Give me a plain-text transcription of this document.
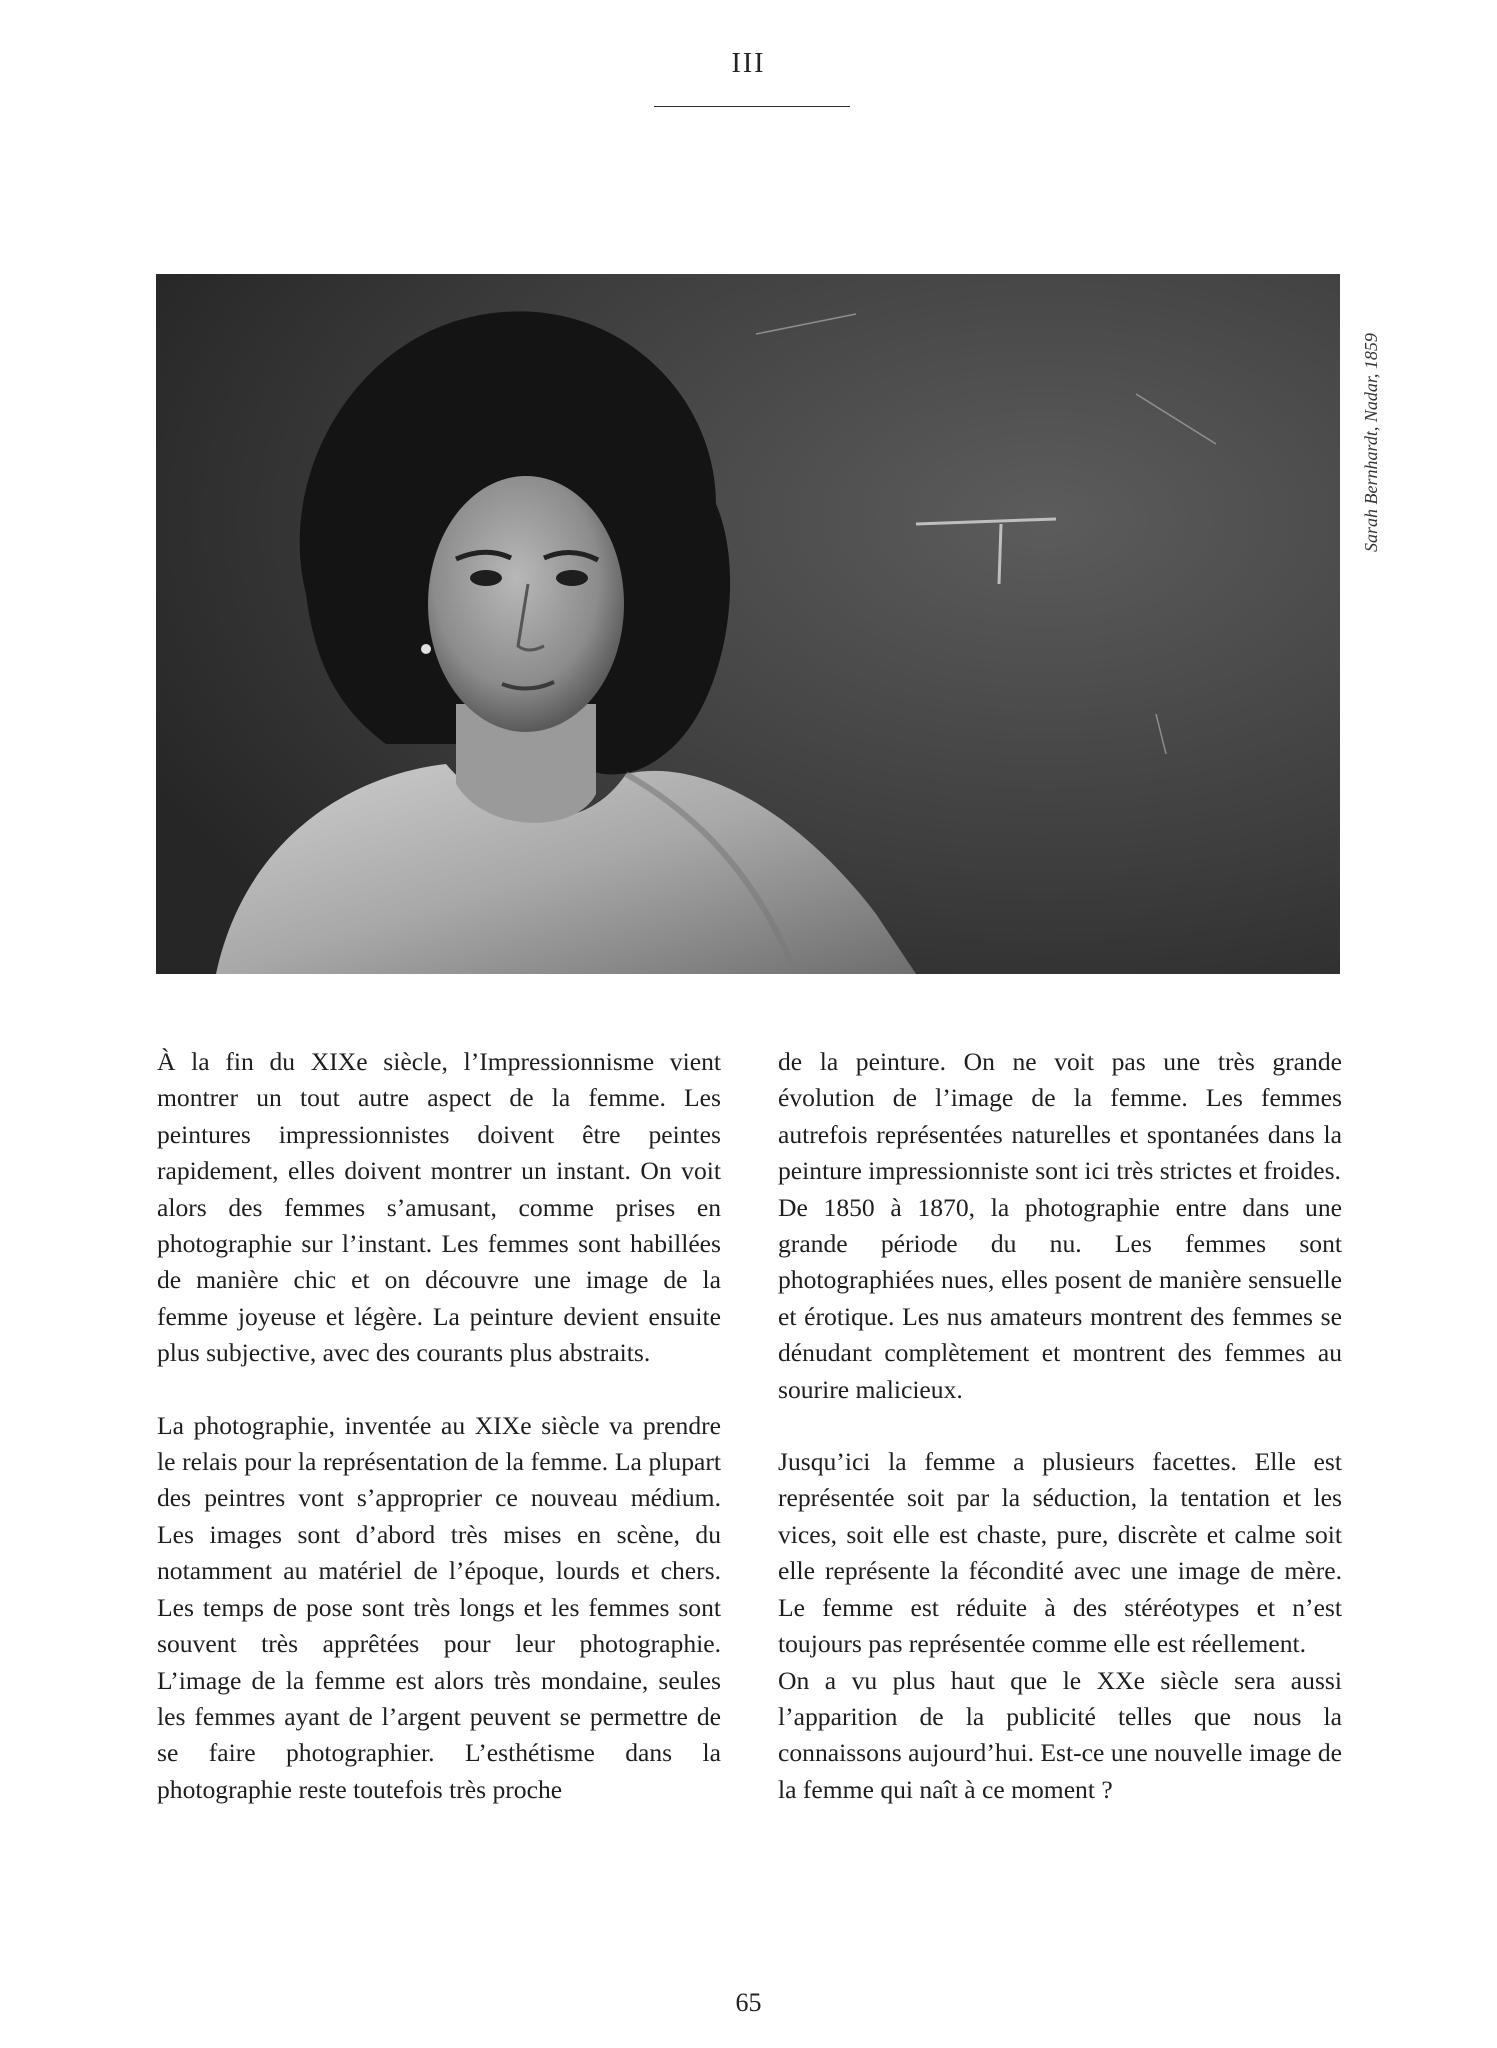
III
Sarah Bernhardt, Nadar, 1859

À la fin du XIXe siècle, l’Impressionnisme vient montrer un tout autre aspect de la femme. Les peintures impressionnistes doivent être peintes rapidement, elles doivent montrer un instant. On voit alors des femmes s’amusant, comme prises en photographie sur l’instant. Les femmes sont habillées de manière chic et on découvre une image de la femme joyeuse et légère. La peinture devient ensuite plus subjective, avec des courants plus abstraits.

La photographie, inventée au XIXe siècle va prendre le relais pour la représentation de la femme. La plupart des peintres vont s’approprier ce nouveau médium. Les images sont d’abord très mises en scène, du notamment au matériel de l’époque, lourds et chers. Les temps de pose sont très longs et les femmes sont souvent très apprêtées pour leur photographie. L’image de la femme est alors très mondaine, seules les femmes ayant de l’argent peuvent se permettre de se faire photographier. L’esthétisme dans la photographie reste toutefois très proche

de la peinture. On ne voit pas une très grande évolution de l’image de la femme. Les femmes autrefois représentées naturelles et spontanées dans la peinture impressionniste sont ici très strictes et froides.

De 1850 à 1870, la photographie entre dans une grande période du nu. Les femmes sont photographiées nues, elles posent de manière sensuelle et érotique. Les nus amateurs montrent des femmes se dénudant complètement et montrent des femmes au sourire malicieux.

Jusqu’ici la femme a plusieurs facettes. Elle est représentée soit par la séduction, la tentation et les vices, soit elle est chaste, pure, discrète et calme soit elle représente la fécondité avec une image de mère. Le femme est réduite à des stéréotypes et n’est toujours pas représentée comme elle est réellement.

On a vu plus haut que le XXe siècle sera aussi l’apparition de la publicité telles que nous la connaissons aujourd’hui. Est-ce une nouvelle image de la femme qui naît à ce moment ?

65
